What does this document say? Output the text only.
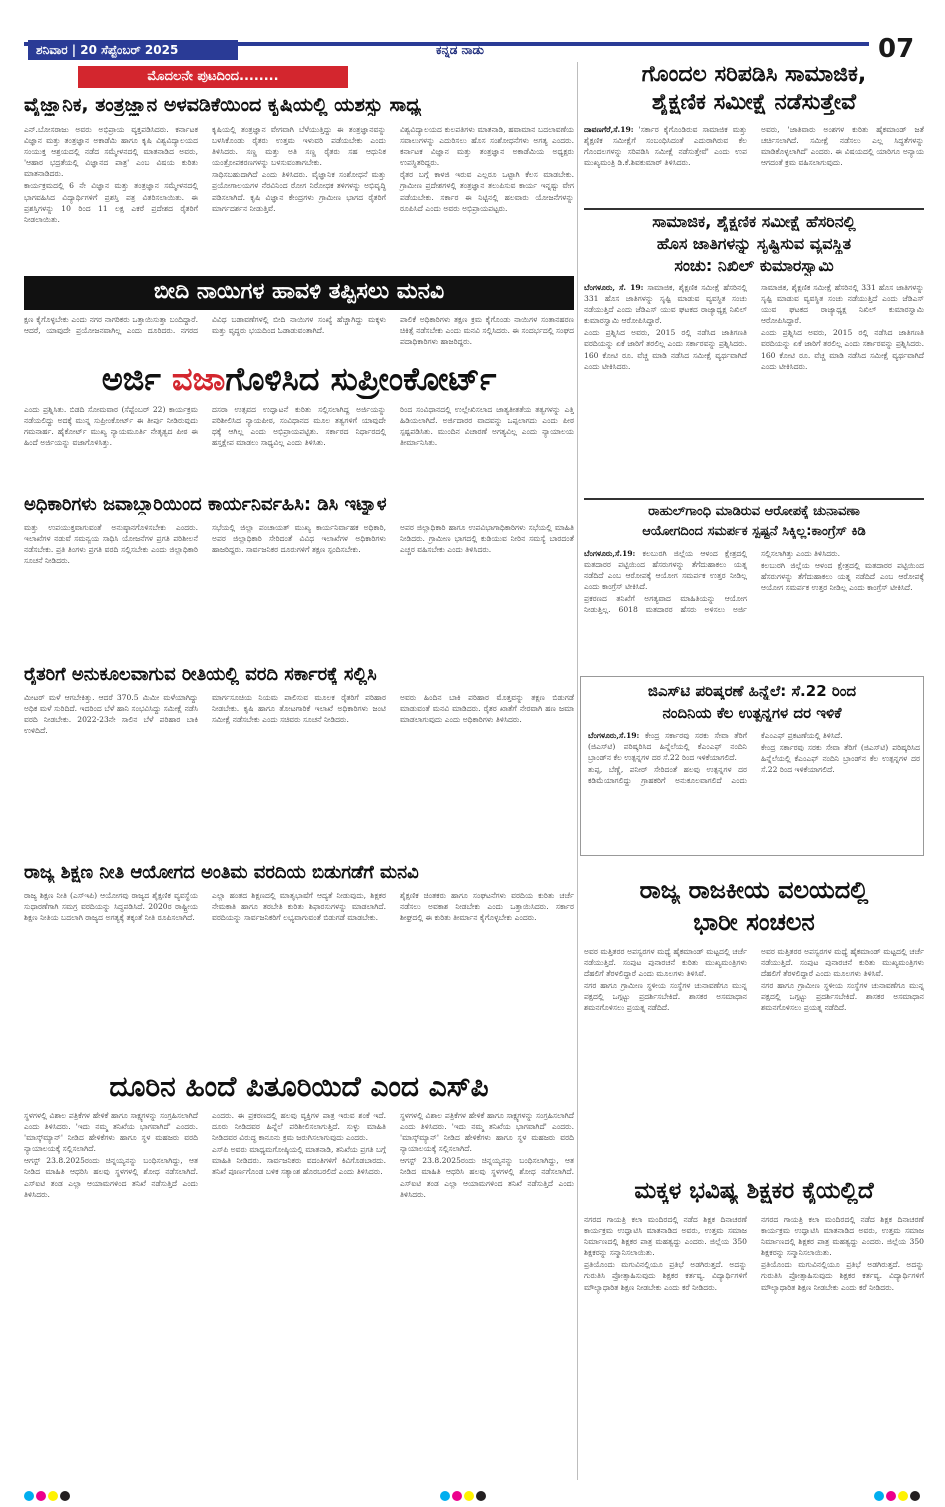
ಶನಿವಾರ | 20 ಸೆಪ್ಟೆಂಬರ್ 2025	ಕನ್ನಡ ನಾಡು	07
ಮೊದಲನೇ ಪುಟದಿಂದ........
ವೈಜ್ಞಾನಿಕ, ತಂತ್ರಜ್ಞಾನ ಅಳವಡಿಕೆಯಿಂದ ಕೃಷಿಯಲ್ಲಿ ಯಶಸ್ಸು ಸಾಧ್ಯ

ಎನ್.ಬೋಸರಾಜು ಅವರು ಅಭಿಪ್ರಾಯ ವ್ಯಕ್ತಪಡಿಸಿದರು. ಕರ್ನಾಟಕ ವಿಜ್ಞಾನ ಮತ್ತು ತಂತ್ರಜ್ಞಾನ ಅಕಾಡೆಮಿ ಹಾಗೂ ಕೃಷಿ ವಿಶ್ವವಿದ್ಯಾಲಯದ ಸಂಯುಕ್ತ ಆಶ್ರಯದಲ್ಲಿ ನಡೆದ ಸಮ್ಮೇಳನದಲ್ಲಿ ಮಾತನಾಡಿದ ಅವರು, 'ಆಹಾರ ಭದ್ರತೆಯಲ್ಲಿ ವಿಜ್ಞಾನದ ಪಾತ್ರ' ಎಂಬ ವಿಷಯ ಕುರಿತು ಮಾತನಾಡಿದರು.

ಕಾರ್ಯಕ್ರಮದಲ್ಲಿ 6 ನೇ ವಿಜ್ಞಾನ ಮತ್ತು ತಂತ್ರಜ್ಞಾನ ಸಮ್ಮೇಳನದಲ್ಲಿ ಭಾಗವಹಿಸಿದ ವಿದ್ಯಾರ್ಥಿಗಳಿಗೆ ಪ್ರಶಸ್ತಿ ಪತ್ರ ವಿತರಿಸಲಾಯಿತು. ಈ ಪ್ರಶಸ್ತಿಗಳನ್ನು 10 ರಿಂದ 11 ಲಕ್ಷ ಎಕರೆ ಪ್ರದೇಶದ ರೈತರಿಗೆ ನೀಡಲಾಯಿತು.

ಕೃಷಿಯಲ್ಲಿ ತಂತ್ರಜ್ಞಾನ ವೇಗವಾಗಿ ಬೆಳೆಯುತ್ತಿದ್ದು ಈ ತಂತ್ರಜ್ಞಾನವನ್ನು ಬಳಸಿಕೊಂಡು ರೈತರು ಉತ್ತಮ ಇಳುವರಿ ಪಡೆಯಬೇಕು ಎಂದು ತಿಳಿಸಿದರು. ಸಣ್ಣ ಮತ್ತು ಅತಿ ಸಣ್ಣ ರೈತರು ಸಹ ಆಧುನಿಕ ಯಂತ್ರೋಪಕರಣಗಳನ್ನು ಬಳಸುವಂತಾಗಬೇಕು.

ಸಾಧಿಸಬಹುದಾಗಿದೆ ಎಂದು ತಿಳಿಸಿದರು. ವೈಜ್ಞಾನಿಕ ಸಂಶೋಧನೆ ಮತ್ತು ಪ್ರಯೋಗಾಲಯಗಳ ನೆರವಿನಿಂದ ರೋಗ ನಿರೋಧಕ ತಳಿಗಳನ್ನು ಅಭಿವೃದ್ಧಿ ಪಡಿಸಲಾಗಿದೆ. ಕೃಷಿ ವಿಜ್ಞಾನ ಕೇಂದ್ರಗಳು ಗ್ರಾಮೀಣ ಭಾಗದ ರೈತರಿಗೆ ಮಾರ್ಗದರ್ಶನ ನೀಡುತ್ತಿವೆ.

ವಿಶ್ವವಿದ್ಯಾಲಯದ ಕುಲಪತಿಗಳು ಮಾತನಾಡಿ, ಹವಾಮಾನ ಬದಲಾವಣೆಯ ಸವಾಲುಗಳನ್ನು ಎದುರಿಸಲು ಹೊಸ ಸಂಶೋಧನೆಗಳು ಅಗತ್ಯ ಎಂದರು. ಕರ್ನಾಟಕ ವಿಜ್ಞಾನ ಮತ್ತು ತಂತ್ರಜ್ಞಾನ ಅಕಾಡೆಮಿಯ ಅಧ್ಯಕ್ಷರು ಉಪಸ್ಥಿತರಿದ್ದರು.

ರೈತರ ಬಗ್ಗೆ ಕಾಳಜಿ ಇರುವ ಎಲ್ಲರೂ ಒಟ್ಟಾಗಿ ಕೆಲಸ ಮಾಡಬೇಕು. ಗ್ರಾಮೀಣ ಪ್ರದೇಶಗಳಲ್ಲಿ ತಂತ್ರಜ್ಞಾನ ತಲುಪಿಸುವ ಕಾರ್ಯ ಇನ್ನಷ್ಟು ವೇಗ ಪಡೆಯಬೇಕು. ಸರ್ಕಾರ ಈ ನಿಟ್ಟಿನಲ್ಲಿ ಹಲವಾರು ಯೋಜನೆಗಳನ್ನು ರೂಪಿಸಿದೆ ಎಂದು ಅವರು ಅಭಿಪ್ರಾಯಪಟ್ಟರು.

ಬೀದಿ ನಾಯಿಗಳ ಹಾವಳಿ ತಪ್ಪಿಸಲು ಮನವಿ

ಕ್ಷಣ ಕೈಗೊಳ್ಳಬೇಕು ಎಂದು ನಗರ ನಾಗರಿಕರು ಒತ್ತಾಯಿಸುತ್ತಾ ಬಂದಿದ್ದಾರೆ. ಆದರೆ, ಯಾವುದೇ ಪ್ರಯೋಜನವಾಗಿಲ್ಲ ಎಂದು ದೂರಿದರು. ನಗರದ ವಿವಿಧ ಬಡಾವಣೆಗಳಲ್ಲಿ ಬೀದಿ ನಾಯಿಗಳ ಸಂಖ್ಯೆ ಹೆಚ್ಚಾಗಿದ್ದು ಮಕ್ಕಳು ಮತ್ತು ವೃದ್ಧರು ಭಯದಿಂದ ಓಡಾಡುವಂತಾಗಿದೆ.

ಪಾಲಿಕೆ ಅಧಿಕಾರಿಗಳು ತಕ್ಷಣ ಕ್ರಮ ಕೈಗೊಂಡು ನಾಯಿಗಳ ಸಂತಾನಹರಣ ಚಿಕಿತ್ಸೆ ನಡೆಸಬೇಕು ಎಂದು ಮನವಿ ಸಲ್ಲಿಸಿದರು. ಈ ಸಂದರ್ಭದಲ್ಲಿ ಸಂಘದ ಪದಾಧಿಕಾರಿಗಳು ಹಾಜರಿದ್ದರು.

ಅರ್ಜಿ ವಜಾಗೊಳಿಸಿದ ಸುಪ್ರೀಂಕೋರ್ಟ್

ಎಂದು ಪ್ರಶ್ನಿಸಿತು. ಬಿಡದಿ ಸೋಮವಾರ (ಸೆಪ್ಟೆಂಬರ್ 22) ಕಾರ್ಯಕ್ರಮ ನಡೆಯಲಿದ್ದು ಅದಕ್ಕೆ ಮುನ್ನ ಸುಪ್ರೀಂಕೋರ್ಟ್ ಈ ತೀರ್ಪು ನೀಡಿರುವುದು ಗಮನಾರ್ಹ. ಹೈಕೋರ್ಟ್ ಮುಖ್ಯ ನ್ಯಾಯಮೂರ್ತಿ ನೇತೃತ್ವದ ಪೀಠ ಈ ಹಿಂದೆ ಅರ್ಜಿಯನ್ನು ವಜಾಗೊಳಿಸಿತ್ತು.

ದಸರಾ ಉತ್ಸವದ ಉದ್ಘಾಟನೆ ಕುರಿತು ಸಲ್ಲಿಸಲಾಗಿದ್ದ ಅರ್ಜಿಯನ್ನು ಪರಿಶೀಲಿಸಿದ ನ್ಯಾಯಪೀಠ, ಸಂವಿಧಾನದ ಮೂಲ ತತ್ವಗಳಿಗೆ ಯಾವುದೇ ಧಕ್ಕೆ ಆಗಿಲ್ಲ ಎಂದು ಅಭಿಪ್ರಾಯಪಟ್ಟಿತು. ಸರ್ಕಾರದ ನಿರ್ಧಾರದಲ್ಲಿ ಹಸ್ತಕ್ಷೇಪ ಮಾಡಲು ಸಾಧ್ಯವಿಲ್ಲ ಎಂದು ತಿಳಿಸಿತು.

ರಿಂದ ಸಂವಿಧಾನದಲ್ಲಿ ಉಲ್ಲೇಖಿಸಲಾದ ಜಾತ್ಯತೀತತೆಯ ತತ್ವಗಳನ್ನು ಎತ್ತಿ ಹಿಡಿಯಲಾಗಿದೆ. ಅರ್ಜಿದಾರರ ವಾದವನ್ನು ಒಪ್ಪಲಾಗದು ಎಂದು ಪೀಠ ಸ್ಪಷ್ಟಪಡಿಸಿತು. ಮುಂದಿನ ವಿಚಾರಣೆ ಅಗತ್ಯವಿಲ್ಲ ಎಂದು ನ್ಯಾಯಾಲಯ ತೀರ್ಮಾನಿಸಿತು.

ಅಧಿಕಾರಿಗಳು ಜವಾಬ್ದಾರಿಯಿಂದ ಕಾರ್ಯನಿರ್ವಹಿಸಿ: ಡಿಸಿ ಇಟ್ನಾಳ

ಮತ್ತು ಉಪಯುಕ್ತವಾಗುವಂತೆ ಅನುಷ್ಠಾನಗೊಳಿಸಬೇಕು ಎಂದರು. ಇಲಾಖೆಗಳ ನಡುವೆ ಸಮನ್ವಯ ಸಾಧಿಸಿ ಯೋಜನೆಗಳ ಪ್ರಗತಿ ಪರಿಶೀಲನೆ ನಡೆಸಬೇಕು. ಪ್ರತಿ ತಿಂಗಳು ಪ್ರಗತಿ ವರದಿ ಸಲ್ಲಿಸಬೇಕು ಎಂದು ಜಿಲ್ಲಾಧಿಕಾರಿ ಸೂಚನೆ ನೀಡಿದರು.

ಸಭೆಯಲ್ಲಿ ಜಿಲ್ಲಾ ಪಂಚಾಯತ್ ಮುಖ್ಯ ಕಾರ್ಯನಿರ್ವಾಹಕ ಅಧಿಕಾರಿ, ಅಪರ ಜಿಲ್ಲಾಧಿಕಾರಿ ಸೇರಿದಂತೆ ವಿವಿಧ ಇಲಾಖೆಗಳ ಅಧಿಕಾರಿಗಳು ಹಾಜರಿದ್ದರು. ಸಾರ್ವಜನಿಕರ ದೂರುಗಳಿಗೆ ತಕ್ಷಣ ಸ್ಪಂದಿಸಬೇಕು.

ಅಪರ ಜಿಲ್ಲಾಧಿಕಾರಿ ಹಾಗೂ ಉಪವಿಭಾಗಾಧಿಕಾರಿಗಳು ಸಭೆಯಲ್ಲಿ ಮಾಹಿತಿ ನೀಡಿದರು. ಗ್ರಾಮೀಣ ಭಾಗದಲ್ಲಿ ಕುಡಿಯುವ ನೀರಿನ ಸಮಸ್ಯೆ ಬಾರದಂತೆ ಎಚ್ಚರ ವಹಿಸಬೇಕು ಎಂದು ತಿಳಿಸಿದರು.

ರೈತರಿಗೆ ಅನುಕೂಲವಾಗುವ ರೀತಿಯಲ್ಲಿ ವರದಿ ಸರ್ಕಾರಕ್ಕೆ ಸಲ್ಲಿಸಿ

ಮೀಟರ್ ಮಳೆ ಆಗಬೇಕಿತ್ತು. ಆದರೆ 370.5 ಮಿಮೀ ಮಳೆಯಾಗಿದ್ದು ಅಧಿಕ ಮಳೆ ಸುರಿದಿದೆ. ಇದರಿಂದ ಬೆಳೆ ಹಾನಿ ಸಂಭವಿಸಿದ್ದು ಸಮೀಕ್ಷೆ ನಡೆಸಿ ವರದಿ ನೀಡಬೇಕು. 2022-23ನೇ ಸಾಲಿನ ಬೆಳೆ ಪರಿಹಾರ ಬಾಕಿ ಉಳಿದಿದೆ.

ಮಾರ್ಗಸೂಚಿಯ ನಿಯಮ ಪಾಲಿಸುವ ಮೂಲಕ ರೈತರಿಗೆ ಪರಿಹಾರ ನೀಡಬೇಕು. ಕೃಷಿ ಹಾಗೂ ತೋಟಗಾರಿಕೆ ಇಲಾಖೆ ಅಧಿಕಾರಿಗಳು ಜಂಟಿ ಸಮೀಕ್ಷೆ ನಡೆಸಬೇಕು ಎಂದು ಸಚಿವರು ಸೂಚನೆ ನೀಡಿದರು.

ಅವರು ಹಿಂದಿನ ಬಾಕಿ ಪರಿಹಾರ ಮೊತ್ತವನ್ನು ತಕ್ಷಣ ಬಿಡುಗಡೆ ಮಾಡುವಂತೆ ಮನವಿ ಮಾಡಿದರು. ರೈತರ ಖಾತೆಗೆ ನೇರವಾಗಿ ಹಣ ಜಮಾ ಮಾಡಲಾಗುವುದು ಎಂದು ಅಧಿಕಾರಿಗಳು ತಿಳಿಸಿದರು.

ರಾಜ್ಯ ಶಿಕ್ಷಣ ನೀತಿ ಆಯೋಗದ ಅಂತಿಮ ವರದಿಯ ಬಿಡುಗಡೆಗೆ ಮನವಿ

ರಾಜ್ಯ ಶಿಕ್ಷಣ ನೀತಿ (ಎಸ್‌ಇಪಿ) ಆಯೋಗವು ರಾಜ್ಯದ ಶೈಕ್ಷಣಿಕ ವ್ಯವಸ್ಥೆಯ ಸುಧಾರಣೆಗಾಗಿ ಸಮಗ್ರ ವರದಿಯನ್ನು ಸಿದ್ಧಪಡಿಸಿದೆ. 2020ರ ರಾಷ್ಟ್ರೀಯ ಶಿಕ್ಷಣ ನೀತಿಯ ಬದಲಾಗಿ ರಾಜ್ಯದ ಅಗತ್ಯಕ್ಕೆ ತಕ್ಕಂತೆ ನೀತಿ ರೂಪಿಸಲಾಗಿದೆ.

ಎಲ್ಲಾ ಹಂತದ ಶಿಕ್ಷಣದಲ್ಲಿ ಮಾತೃಭಾಷೆಗೆ ಆದ್ಯತೆ ನೀಡುವುದು, ಶಿಕ್ಷಕರ ನೇಮಕಾತಿ ಹಾಗೂ ತರಬೇತಿ ಕುರಿತು ಶಿಫಾರಸುಗಳನ್ನು ಮಾಡಲಾಗಿದೆ. ವರದಿಯನ್ನು ಸಾರ್ವಜನಿಕರಿಗೆ ಲಭ್ಯವಾಗುವಂತೆ ಬಿಡುಗಡೆ ಮಾಡಬೇಕು.

ಶೈಕ್ಷಣಿಕ ಚಿಂತಕರು ಹಾಗೂ ಸಂಘಟನೆಗಳು ವರದಿಯ ಕುರಿತು ಚರ್ಚೆ ನಡೆಸಲು ಅವಕಾಶ ನೀಡಬೇಕು ಎಂದು ಒತ್ತಾಯಿಸಿದರು. ಸರ್ಕಾರ ಶೀಘ್ರದಲ್ಲಿ ಈ ಕುರಿತು ತೀರ್ಮಾನ ಕೈಗೊಳ್ಳಬೇಕು ಎಂದರು.

ದೂರಿನ ಹಿಂದೆ ಪಿತೂರಿಯಿದೆ ಎಂದ ಎಸ್‌ಪಿ

ಸ್ಥಳಗಳಲ್ಲಿ ವಿಶಾಲ ಪತ್ರಿಕೆಗಳ ಹೇಳಿಕೆ ಹಾಗೂ ಸಾಕ್ಷ್ಯಗಳನ್ನು ಸಂಗ್ರಹಿಸಲಾಗಿದೆ ಎಂದು ತಿಳಿಸಿದರು. 'ಇದು ನಮ್ಮ ತನಿಖೆಯ ಭಾಗವಾಗಿದೆ' ಎಂದರು. 'ಮಾಸ್ಕ್‌ಮ್ಯಾನ್' ನೀಡಿದ ಹೇಳಿಕೆಗಳು ಹಾಗೂ ಸ್ಥಳ ಮಹಜರು ವರದಿ ನ್ಯಾಯಾಲಯಕ್ಕೆ ಸಲ್ಲಿಸಲಾಗಿದೆ.

ಆಗಸ್ಟ್ 23.8.2025ರಂದು ಚಿನ್ನಯ್ಯನನ್ನು ಬಂಧಿಸಲಾಗಿದ್ದು, ಆತ ನೀಡಿದ ಮಾಹಿತಿ ಆಧರಿಸಿ ಹಲವು ಸ್ಥಳಗಳಲ್ಲಿ ಶೋಧ ನಡೆಸಲಾಗಿದೆ. ಎಸ್‌ಐಟಿ ತಂಡ ಎಲ್ಲಾ ಆಯಾಮಗಳಿಂದ ತನಿಖೆ ನಡೆಸುತ್ತಿದೆ ಎಂದು ತಿಳಿಸಿದರು.

ಎಂದರು. ಈ ಪ್ರಕರಣದಲ್ಲಿ ಹಲವು ವ್ಯಕ್ತಿಗಳ ಪಾತ್ರ ಇರುವ ಶಂಕೆ ಇದೆ. ದೂರು ನೀಡಿದವರ ಹಿನ್ನೆಲೆ ಪರಿಶೀಲಿಸಲಾಗುತ್ತಿದೆ. ಸುಳ್ಳು ಮಾಹಿತಿ ನೀಡಿದವರ ವಿರುದ್ಧ ಕಾನೂನು ಕ್ರಮ ಜರುಗಿಸಲಾಗುವುದು ಎಂದರು.

ಎಸ್‌ಪಿ ಅವರು ಮಾಧ್ಯಮಗೋಷ್ಠಿಯಲ್ಲಿ ಮಾತನಾಡಿ, ತನಿಖೆಯ ಪ್ರಗತಿ ಬಗ್ಗೆ ಮಾಹಿತಿ ನೀಡಿದರು. ಸಾರ್ವಜನಿಕರು ವದಂತಿಗಳಿಗೆ ಕಿವಿಗೊಡಬಾರದು. ತನಿಖೆ ಪೂರ್ಣಗೊಂಡ ಬಳಿಕ ಸತ್ಯಾಂಶ ಹೊರಬರಲಿದೆ ಎಂದು ತಿಳಿಸಿದರು.

ಸ್ಥಳಗಳಲ್ಲಿ ವಿಶಾಲ ಪತ್ರಿಕೆಗಳ ಹೇಳಿಕೆ ಹಾಗೂ ಸಾಕ್ಷ್ಯಗಳನ್ನು ಸಂಗ್ರಹಿಸಲಾಗಿದೆ ಎಂದು ತಿಳಿಸಿದರು. 'ಇದು ನಮ್ಮ ತನಿಖೆಯ ಭಾಗವಾಗಿದೆ' ಎಂದರು. 'ಮಾಸ್ಕ್‌ಮ್ಯಾನ್' ನೀಡಿದ ಹೇಳಿಕೆಗಳು ಹಾಗೂ ಸ್ಥಳ ಮಹಜರು ವರದಿ ನ್ಯಾಯಾಲಯಕ್ಕೆ ಸಲ್ಲಿಸಲಾಗಿದೆ.

ಆಗಸ್ಟ್ 23.8.2025ರಂದು ಚಿನ್ನಯ್ಯನನ್ನು ಬಂಧಿಸಲಾಗಿದ್ದು, ಆತ ನೀಡಿದ ಮಾಹಿತಿ ಆಧರಿಸಿ ಹಲವು ಸ್ಥಳಗಳಲ್ಲಿ ಶೋಧ ನಡೆಸಲಾಗಿದೆ. ಎಸ್‌ಐಟಿ ತಂಡ ಎಲ್ಲಾ ಆಯಾಮಗಳಿಂದ ತನಿಖೆ ನಡೆಸುತ್ತಿದೆ ಎಂದು ತಿಳಿಸಿದರು.

ಗೊಂದಲ ಸರಿಪಡಿಸಿ ಸಾಮಾಜಿಕ,
ಶೈಕ್ಷಣಿಕ ಸಮೀಕ್ಷೆ ನಡೆಸುತ್ತೇವೆ

ದಾವಣಗೆರೆ,ಸೆ.19: 'ಸರ್ಕಾರ ಕೈಗೊಂಡಿರುವ ಸಾಮಾಜಿಕ ಮತ್ತು ಶೈಕ್ಷಣಿಕ ಸಮೀಕ್ಷೆಗೆ ಸಂಬಂಧಿಸಿದಂತೆ ಎದುರಾಗಿರುವ ಕೆಲ ಗೊಂದಲಗಳನ್ನು ಸರಿಪಡಿಸಿ ಸಮೀಕ್ಷೆ ನಡೆಸುತ್ತೇವೆ' ಎಂದು ಉಪ ಮುಖ್ಯಮಂತ್ರಿ ಡಿ.ಕೆ.ಶಿವಕುಮಾರ್ ತಿಳಿಸಿದರು.

ಅವರು, 'ಜಾತಿವಾರು ಅಂಶಗಳ ಕುರಿತು ಹೈಕಮಾಂಡ್ ಜತೆ ಚರ್ಚಿಸಲಾಗಿದೆ. ಸಮೀಕ್ಷೆ ನಡೆಸಲು ಎಲ್ಲ ಸಿದ್ಧತೆಗಳನ್ನು ಮಾಡಿಕೊಳ್ಳಲಾಗಿದೆ' ಎಂದರು. ಈ ವಿಷಯದಲ್ಲಿ ಯಾರಿಗೂ ಅನ್ಯಾಯ ಆಗದಂತೆ ಕ್ರಮ ವಹಿಸಲಾಗುವುದು.

ಸಾಮಾಜಿಕ, ಶೈಕ್ಷಣಿಕ ಸಮೀಕ್ಷೆ ಹೆಸರಿನಲ್ಲಿ
ಹೊಸ ಜಾತಿಗಳನ್ನು ಸೃಷ್ಟಿಸುವ ವ್ಯವಸ್ಥಿತ
ಸಂಚು: ನಿಖಿಲ್ ಕುಮಾರಸ್ವಾಮಿ

ಬೆಂಗಳೂರು, ಸೆ. 19: ಸಾಮಾಜಿಕ, ಶೈಕ್ಷಣಿಕ ಸಮೀಕ್ಷೆ ಹೆಸರಿನಲ್ಲಿ 331 ಹೊಸ ಜಾತಿಗಳನ್ನು ಸೃಷ್ಟಿ ಮಾಡುವ ವ್ಯವಸ್ಥಿತ ಸಂಚು ನಡೆಯುತ್ತಿದೆ ಎಂದು ಜೆಡಿಎಸ್ ಯುವ ಘಟಕದ ರಾಜ್ಯಾಧ್ಯಕ್ಷ ನಿಖಿಲ್ ಕುಮಾರಸ್ವಾಮಿ ಆರೋಪಿಸಿದ್ದಾರೆ.

ಎಂದು ಪ್ರಶ್ನಿಸಿದ ಅವರು, 2015 ರಲ್ಲಿ ನಡೆಸಿದ ಜಾತಿಗಣತಿ ವರದಿಯನ್ನು ಏಕೆ ಜಾರಿಗೆ ತರಲಿಲ್ಲ ಎಂದು ಸರ್ಕಾರವನ್ನು ಪ್ರಶ್ನಿಸಿದರು. 160 ಕೋಟಿ ರೂ. ವೆಚ್ಚ ಮಾಡಿ ನಡೆಸಿದ ಸಮೀಕ್ಷೆ ವ್ಯರ್ಥವಾಗಿದೆ ಎಂದು ಟೀಕಿಸಿದರು.

ಸಾಮಾಜಿಕ, ಶೈಕ್ಷಣಿಕ ಸಮೀಕ್ಷೆ ಹೆಸರಿನಲ್ಲಿ 331 ಹೊಸ ಜಾತಿಗಳನ್ನು ಸೃಷ್ಟಿ ಮಾಡುವ ವ್ಯವಸ್ಥಿತ ಸಂಚು ನಡೆಯುತ್ತಿದೆ ಎಂದು ಜೆಡಿಎಸ್ ಯುವ ಘಟಕದ ರಾಜ್ಯಾಧ್ಯಕ್ಷ ನಿಖಿಲ್ ಕುಮಾರಸ್ವಾಮಿ ಆರೋಪಿಸಿದ್ದಾರೆ.

ಎಂದು ಪ್ರಶ್ನಿಸಿದ ಅವರು, 2015 ರಲ್ಲಿ ನಡೆಸಿದ ಜಾತಿಗಣತಿ ವರದಿಯನ್ನು ಏಕೆ ಜಾರಿಗೆ ತರಲಿಲ್ಲ ಎಂದು ಸರ್ಕಾರವನ್ನು ಪ್ರಶ್ನಿಸಿದರು. 160 ಕೋಟಿ ರೂ. ವೆಚ್ಚ ಮಾಡಿ ನಡೆಸಿದ ಸಮೀಕ್ಷೆ ವ್ಯರ್ಥವಾಗಿದೆ ಎಂದು ಟೀಕಿಸಿದರು.

ರಾಹುಲ್‌ಗಾಂಧಿ ಮಾಡಿರುವ ಆರೋಪಕ್ಕೆ ಚುನಾವಣಾ
ಆಯೋಗದಿಂದ ಸಮರ್ಪಕ ಸ್ಪಷ್ಟನೆ ಸಿಕ್ಕಿಲ್ಲ:ಕಾಂಗ್ರೆಸ್ ಕಿಡಿ

ಬೆಂಗಳೂರು,ಸೆ.19: ಕಲಬುರಗಿ ಜಿಲ್ಲೆಯ ಆಳಂದ ಕ್ಷೇತ್ರದಲ್ಲಿ ಮತದಾರರ ಪಟ್ಟಿಯಿಂದ ಹೆಸರುಗಳನ್ನು ತೆಗೆದುಹಾಕಲು ಯತ್ನ ನಡೆದಿದೆ ಎಂಬ ಆರೋಪಕ್ಕೆ ಆಯೋಗ ಸಮರ್ಪಕ ಉತ್ತರ ನೀಡಿಲ್ಲ ಎಂದು ಕಾಂಗ್ರೆಸ್ ಟೀಕಿಸಿದೆ.

ಪ್ರಕರಣದ ತನಿಖೆಗೆ ಅಗತ್ಯವಾದ ಮಾಹಿತಿಯನ್ನು ಆಯೋಗ ನೀಡುತ್ತಿಲ್ಲ. 6018 ಮತದಾರರ ಹೆಸರು ಅಳಿಸಲು ಅರ್ಜಿ ಸಲ್ಲಿಸಲಾಗಿತ್ತು ಎಂದು ತಿಳಿಸಿದರು.

ಕಲಬುರಗಿ ಜಿಲ್ಲೆಯ ಆಳಂದ ಕ್ಷೇತ್ರದಲ್ಲಿ ಮತದಾರರ ಪಟ್ಟಿಯಿಂದ ಹೆಸರುಗಳನ್ನು ತೆಗೆದುಹಾಕಲು ಯತ್ನ ನಡೆದಿದೆ ಎಂಬ ಆರೋಪಕ್ಕೆ ಆಯೋಗ ಸಮರ್ಪಕ ಉತ್ತರ ನೀಡಿಲ್ಲ ಎಂದು ಕಾಂಗ್ರೆಸ್ ಟೀಕಿಸಿದೆ.

ಜಿಎಸ್‌ಟಿ ಪರಿಷ್ಕರಣೆ ಹಿನ್ನೆಲೆ: ಸೆ.22 ರಿಂದ
ನಂದಿನಿಯ ಕೆಲ ಉತ್ಪನ್ನಗಳ ದರ ಇಳಿಕೆ

ಬೆಂಗಳೂರು,ಸೆ.19: ಕೇಂದ್ರ ಸರ್ಕಾರವು ಸರಕು ಸೇವಾ ತೆರಿಗೆ (ಜಿಎಸ್‌ಟಿ) ಪರಿಷ್ಕರಿಸಿದ ಹಿನ್ನೆಲೆಯಲ್ಲಿ ಕೆಎಂಎಫ್ ನಂದಿನಿ ಬ್ರಾಂಡ್‌ನ ಕೆಲ ಉತ್ಪನ್ನಗಳ ದರ ಸೆ.22 ರಿಂದ ಇಳಿಕೆಯಾಗಲಿದೆ.

ತುಪ್ಪ, ಬೆಣ್ಣೆ, ಪನೀರ್ ಸೇರಿದಂತೆ ಹಲವು ಉತ್ಪನ್ನಗಳ ದರ ಕಡಿಮೆಯಾಗಲಿದ್ದು ಗ್ರಾಹಕರಿಗೆ ಅನುಕೂಲವಾಗಲಿದೆ ಎಂದು ಕೆಎಂಎಫ್ ಪ್ರಕಟಣೆಯಲ್ಲಿ ತಿಳಿಸಿದೆ.

ಕೇಂದ್ರ ಸರ್ಕಾರವು ಸರಕು ಸೇವಾ ತೆರಿಗೆ (ಜಿಎಸ್‌ಟಿ) ಪರಿಷ್ಕರಿಸಿದ ಹಿನ್ನೆಲೆಯಲ್ಲಿ ಕೆಎಂಎಫ್ ನಂದಿನಿ ಬ್ರಾಂಡ್‌ನ ಕೆಲ ಉತ್ಪನ್ನಗಳ ದರ ಸೆ.22 ರಿಂದ ಇಳಿಕೆಯಾಗಲಿದೆ.

ರಾಜ್ಯ ರಾಜಕೀಯ ವಲಯದಲ್ಲಿ
ಭಾರೀ ಸಂಚಲನ

ಅವರ ಮತ್ತಿತರರ ಅಪಸ್ವರಗಳ ಮಧ್ಯೆ ಹೈಕಮಾಂಡ್ ಮಟ್ಟದಲ್ಲಿ ಚರ್ಚೆ ನಡೆಯುತ್ತಿದೆ. ಸಂಪುಟ ಪುನಾರಚನೆ ಕುರಿತು ಮುಖ್ಯಮಂತ್ರಿಗಳು ದೆಹಲಿಗೆ ತೆರಳಲಿದ್ದಾರೆ ಎಂದು ಮೂಲಗಳು ತಿಳಿಸಿವೆ.

ನಗರ ಹಾಗೂ ಗ್ರಾಮೀಣ ಸ್ಥಳೀಯ ಸಂಸ್ಥೆಗಳ ಚುನಾವಣೆಗೂ ಮುನ್ನ ಪಕ್ಷದಲ್ಲಿ ಒಗ್ಗಟ್ಟು ಪ್ರದರ್ಶಿಸಬೇಕಿದೆ. ಶಾಸಕರ ಅಸಮಾಧಾನ ಶಮನಗೊಳಿಸಲು ಪ್ರಯತ್ನ ನಡೆದಿದೆ.

ಅವರ ಮತ್ತಿತರರ ಅಪಸ್ವರಗಳ ಮಧ್ಯೆ ಹೈಕಮಾಂಡ್ ಮಟ್ಟದಲ್ಲಿ ಚರ್ಚೆ ನಡೆಯುತ್ತಿದೆ. ಸಂಪುಟ ಪುನಾರಚನೆ ಕುರಿತು ಮುಖ್ಯಮಂತ್ರಿಗಳು ದೆಹಲಿಗೆ ತೆರಳಲಿದ್ದಾರೆ ಎಂದು ಮೂಲಗಳು ತಿಳಿಸಿವೆ.

ನಗರ ಹಾಗೂ ಗ್ರಾಮೀಣ ಸ್ಥಳೀಯ ಸಂಸ್ಥೆಗಳ ಚುನಾವಣೆಗೂ ಮುನ್ನ ಪಕ್ಷದಲ್ಲಿ ಒಗ್ಗಟ್ಟು ಪ್ರದರ್ಶಿಸಬೇಕಿದೆ. ಶಾಸಕರ ಅಸಮಾಧಾನ ಶಮನಗೊಳಿಸಲು ಪ್ರಯತ್ನ ನಡೆದಿದೆ.

ಮಕ್ಕಳ ಭವಿಷ್ಯ ಶಿಕ್ಷಕರ ಕೈಯಲ್ಲಿದೆ

ನಗರದ ಗಾಯತ್ರಿ ಕಲಾ ಮಂದಿರದಲ್ಲಿ ನಡೆದ ಶಿಕ್ಷಕ ದಿನಾಚರಣೆ ಕಾರ್ಯಕ್ರಮ ಉದ್ಘಾಟಿಸಿ ಮಾತನಾಡಿದ ಅವರು, ಉತ್ತಮ ಸಮಾಜ ನಿರ್ಮಾಣದಲ್ಲಿ ಶಿಕ್ಷಕರ ಪಾತ್ರ ಮಹತ್ವದ್ದು ಎಂದರು. ಜಿಲ್ಲೆಯ 350 ಶಿಕ್ಷಕರನ್ನು ಸನ್ಮಾನಿಸಲಾಯಿತು.

ಪ್ರತಿಯೊಂದು ಮಗುವಿನಲ್ಲಿಯೂ ಪ್ರತಿಭೆ ಅಡಗಿರುತ್ತದೆ. ಅದನ್ನು ಗುರುತಿಸಿ ಪ್ರೋತ್ಸಾಹಿಸುವುದು ಶಿಕ್ಷಕರ ಕರ್ತವ್ಯ. ವಿದ್ಯಾರ್ಥಿಗಳಿಗೆ ಮೌಲ್ಯಾಧಾರಿತ ಶಿಕ್ಷಣ ನೀಡಬೇಕು ಎಂದು ಕರೆ ನೀಡಿದರು.

ನಗರದ ಗಾಯತ್ರಿ ಕಲಾ ಮಂದಿರದಲ್ಲಿ ನಡೆದ ಶಿಕ್ಷಕ ದಿನಾಚರಣೆ ಕಾರ್ಯಕ್ರಮ ಉದ್ಘಾಟಿಸಿ ಮಾತನಾಡಿದ ಅವರು, ಉತ್ತಮ ಸಮಾಜ ನಿರ್ಮಾಣದಲ್ಲಿ ಶಿಕ್ಷಕರ ಪಾತ್ರ ಮಹತ್ವದ್ದು ಎಂದರು. ಜಿಲ್ಲೆಯ 350 ಶಿಕ್ಷಕರನ್ನು ಸನ್ಮಾನಿಸಲಾಯಿತು.

ಪ್ರತಿಯೊಂದು ಮಗುವಿನಲ್ಲಿಯೂ ಪ್ರತಿಭೆ ಅಡಗಿರುತ್ತದೆ. ಅದನ್ನು ಗುರುತಿಸಿ ಪ್ರೋತ್ಸಾಹಿಸುವುದು ಶಿಕ್ಷಕರ ಕರ್ತವ್ಯ. ವಿದ್ಯಾರ್ಥಿಗಳಿಗೆ ಮೌಲ್ಯಾಧಾರಿತ ಶಿಕ್ಷಣ ನೀಡಬೇಕು ಎಂದು ಕರೆ ನೀಡಿದರು.
